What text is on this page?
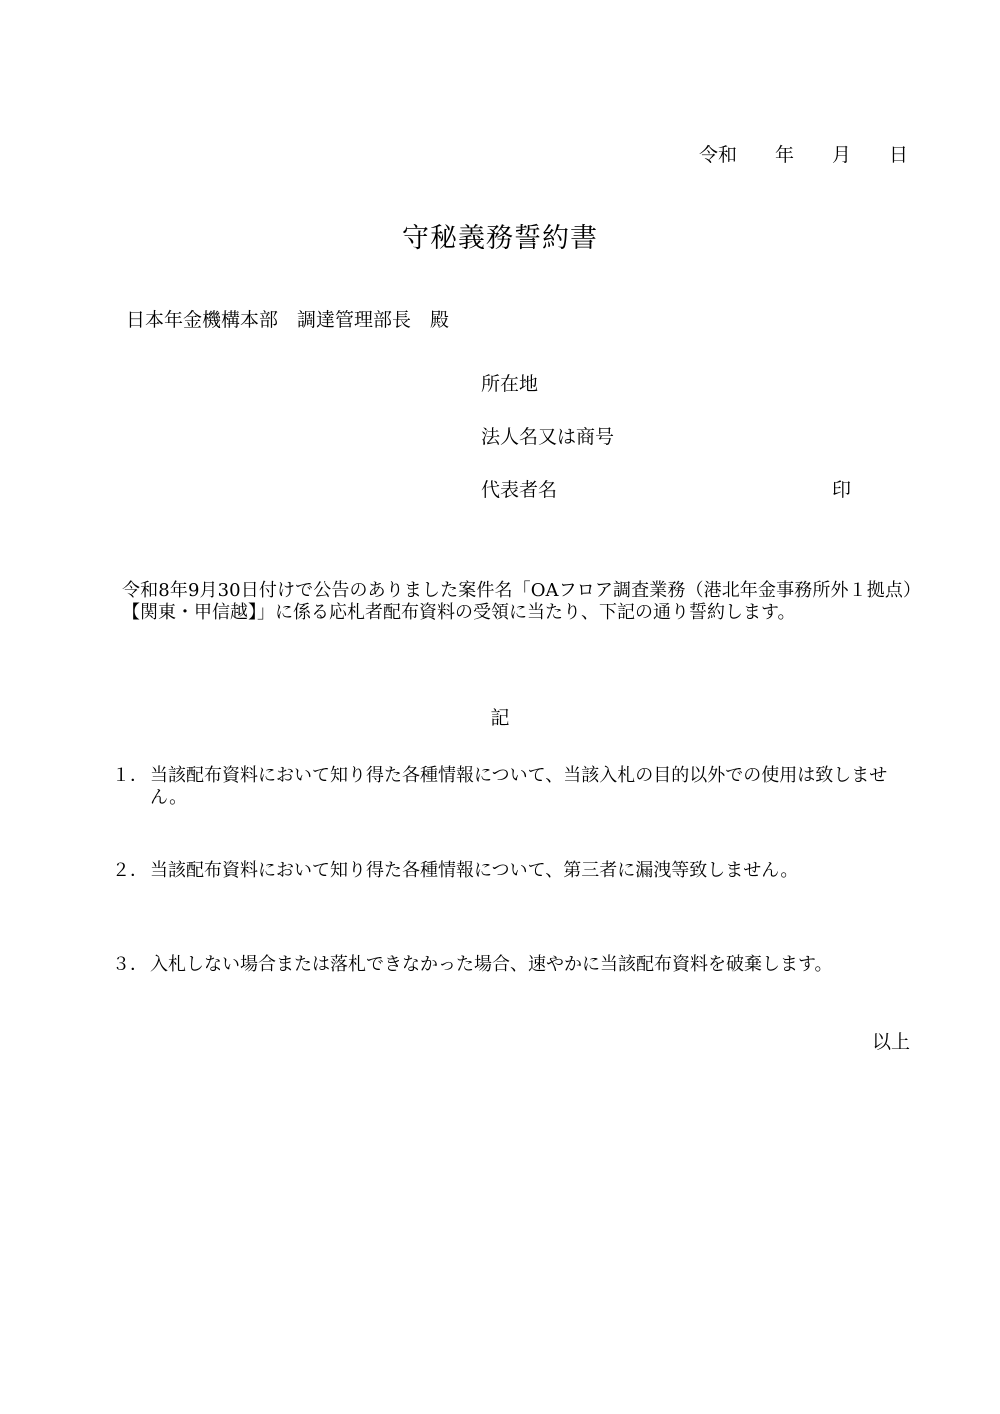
令和　　年　　月　　日
守秘義務誓約書
日本年金機構本部　調達管理部長　殿
所在地
法人名又は商号
代表者名	印

令和8年9月30日付けで公告のありました案件名「OAフロア調査業務（港北年金事務所外１拠点）【関東・甲信越】」に係る応札者配布資料の受領に当たり、下記の通り誓約します。

記
１． 当該配布資料において知り得た各種情報について、当該入札の目的以外での使用は致しません。
２． 当該配布資料において知り得た各種情報について、第三者に漏洩等致しません。
３． 入札しない場合または落札できなかった場合、速やかに当該配布資料を破棄します。
以上
